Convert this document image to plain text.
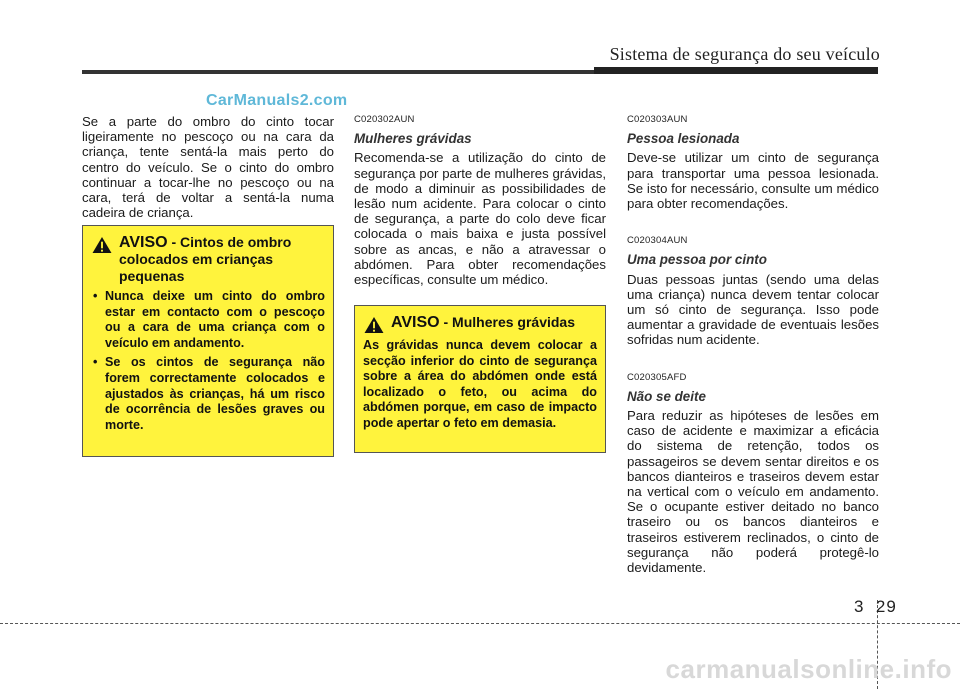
Sistema de segurança do seu veículo
CarManuals2.com

Se a parte do ombro do cinto tocar ligeiramente no pescoço ou na cara da criança, tente sentá-la mais perto do centro do veículo. Se o cinto do ombro continuar a tocar-lhe no pescoço ou na cara, terá de voltar a sentá-la numa cadeira de criança.

AVISO - Cintos de ombro colocados em crianças pequenas
• Nunca deixe um cinto do ombro estar em contacto com o pescoço ou a cara de uma criança com o veículo em andamento.
• Se os cintos de segurança não forem correctamente colocados e ajustados às crianças, há um risco de ocorrência de lesões graves ou morte.

C020302AUN

Mulheres grávidas

Recomenda-se a utilização do cinto de segurança por parte de mulheres grávidas, de modo a diminuir as possibilidades de lesão num acidente. Para colocar o cinto de segurança, a parte do colo deve ficar colocada o mais baixa e justa possível sobre as ancas, e não a atravessar o abdómen. Para obter recomendações específicas, consulte um médico.

AVISO - Mulheres grávidas

As grávidas nunca devem colocar a secção inferior do cinto de segurança sobre a área do abdómen onde está localizado o feto, ou acima do abdómen porque, em caso de impacto pode apertar o feto em demasia.

C020303AUN

Pessoa lesionada

Deve-se utilizar um cinto de segurança para transportar uma pessoa lesionada. Se isto for necessário, consulte um médico para obter recomendações.

C020304AUN

Uma pessoa por cinto

Duas pessoas juntas (sendo uma delas uma criança) nunca devem tentar colocar um só cinto de segurança. Isso pode aumentar a gravidade de eventuais lesões sofridas num acidente.

C020305AFD

Não se deite

Para reduzir as hipóteses de lesões em caso de acidente e maximizar a eficácia do sistema de retenção, todos os passageiros se devem sentar direitos e os bancos dianteiros e traseiros devem estar na vertical com o veículo em andamento. Se o ocupante estiver deitado no banco traseiro ou os bancos dianteiros e traseiros estiverem reclinados, o cinto de segurança não poderá protegê-lo devidamente.

3 29
carmanualsonline.info
